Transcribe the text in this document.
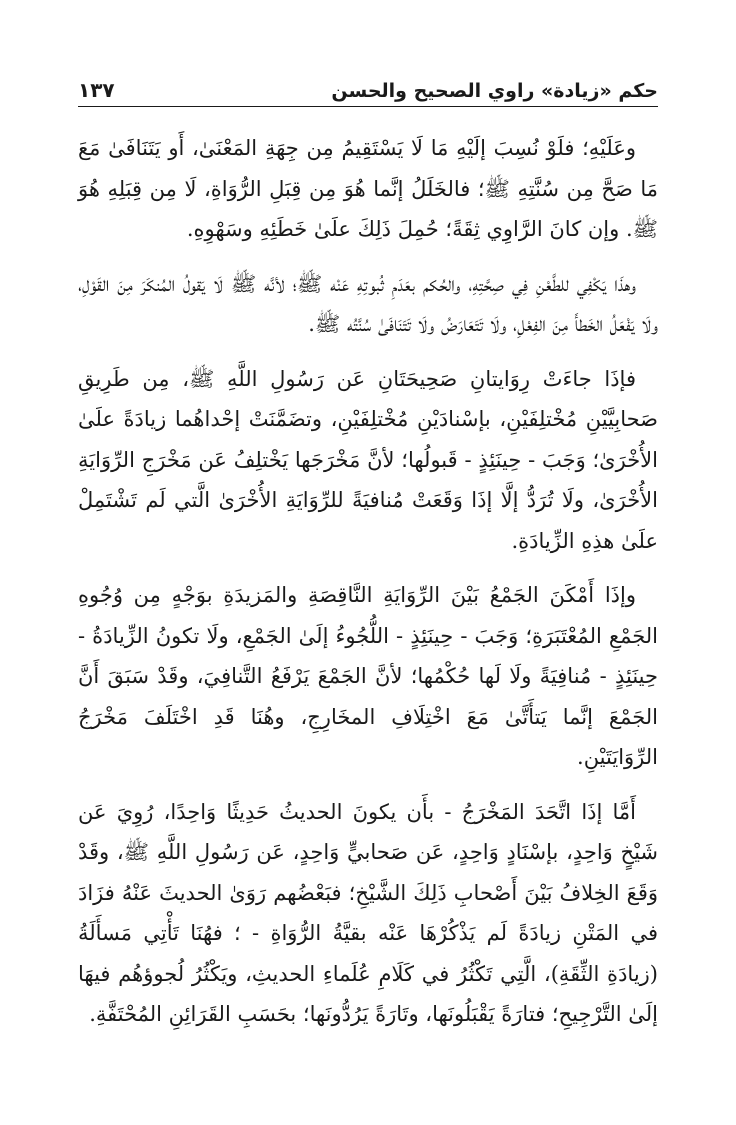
حكم «زيادة» راوي الصحيح والحسن
١٣٧

وعَلَيْهِ؛ فلَوْ نُسِبَ إلَيْهِ مَا لَا يَسْتَقِيمُ مِن جِهَةِ المَعْنَىٰ، أَو يَتَنَافَىٰ مَعَ مَا صَحَّ مِن سُنَّتِهِ ﷺ؛ فالخَلَلُ إنَّما هُوَ مِن قِبَلِ الرُّوَاةِ، لَا مِن قِبَلِهِ هُوَ ﷺ. وإن كانَ الرَّاوِي ثِقَةً؛ حُمِلَ ذَلِكَ علَىٰ خَطَئِهِ وسَهْوِهِ.

وهذَا يَكْفِي للطَّعْنِ فِي صِحَّتِهِ، والحُكم بعَدَمِ ثُبوتِهِ عَنْه ﷺ؛ لأنَّه ﷺ لَا يَقولُ المُنكَرَ مِنَ القَوْلِ، ولَا يَفْعَلُ الخَطأَ مِنَ الفِعْلِ، ولَا تَتَعَارَضُ ولَا تَتَنَافَىٰ سُنَّتُه ﷺ.

فإذَا جاءَتْ رِوَايتانِ صَحِيحَتَانِ عَن رَسُولِ اللَّهِ ﷺ، مِن طَرِيقِ صَحابِيَّيْنِ مُخْتلِفَيْنِ، بإسْنادَيْنِ مُخْتلِفَيْنِ، وتضَمَّنَتْ إحْداهُما زيادَةً علَىٰ الأُخْرَىٰ؛ وَجَبَ - حِينَئِذٍ - قَبولُها؛ لأنَّ مَخْرَجَها يَخْتلِفُ عَن مَخْرَجِ الرِّوَايَةِ الأُخْرَىٰ، ولَا تُرَدُّ إلَّا إذَا وَقَعَتْ مُنافيَةً للرِّوَايَةِ الأُخْرَىٰ الَّتي لَم تَشْتَمِلْ علَىٰ هذِهِ الزِّيادَةِ.

وإذَا أَمْكَنَ الجَمْعُ بَيْنَ الرِّوَايَةِ النَّاقِصَةِ والمَزيدَةِ بوَجْهٍ مِن وُجُوهِ الجَمْعِ المُعْتَبَرَةِ؛ وَجَبَ - حِينَئِذٍ - اللُّجُوءُ إلَىٰ الجَمْعِ، ولَا تكونُ الزِّيادَةُ - حِينَئِذٍ - مُنافِيَةً ولَا لَها حُكْمُها؛ لأنَّ الجَمْعَ يَرْفَعُ التَّنافِيَ، وقَدْ سَبَقَ أَنَّ الجَمْعَ إنَّما يَتأَتَّىٰ مَعَ اخْتِلَافِ المخَارِجِ، وهُنَا قَدِ اخْتَلَفَ مَخْرَجُ الرِّوَايَتَيْنِ.

أَمَّا إذَا اتَّحَدَ المَخْرَجُ - بأَن يكونَ الحديثُ حَدِيثًا وَاحِدًا، رُوِيَ عَن شَيْخٍ وَاحِدٍ، بإسْنَادٍ وَاحِدٍ، عَن صَحابيٍّ وَاحِدٍ، عَن رَسُولِ اللَّهِ ﷺ، وقَدْ وَقَعَ الخِلافُ بَيْنَ أَصْحابِ ذَلِكَ الشَّيْخِ؛ فبَعْضُهم رَوَىٰ الحديثَ عَنْهُ فزَادَ في المَتْنِ زيادَةً لَم يَذْكُرْهَا عَنْه بقيَّةُ الرُّوَاةِ - ؛ فهُنَا تَأْتِي مَسأَلَةُ (زيادَةِ الثِّقَةِ)، الَّتِي تَكْثُرُ في كَلَامِ عُلَماءِ الحديثِ، ويَكْثُرُ لُجوؤهُم فيهَا إلَىٰ التَّرْجِيحِ؛ فتارَةً يَقْبَلُونَها، وتَارَةً يَرُدُّونَها؛ بحَسَبِ القَرَائِنِ المُحْتَفَّةِ.
